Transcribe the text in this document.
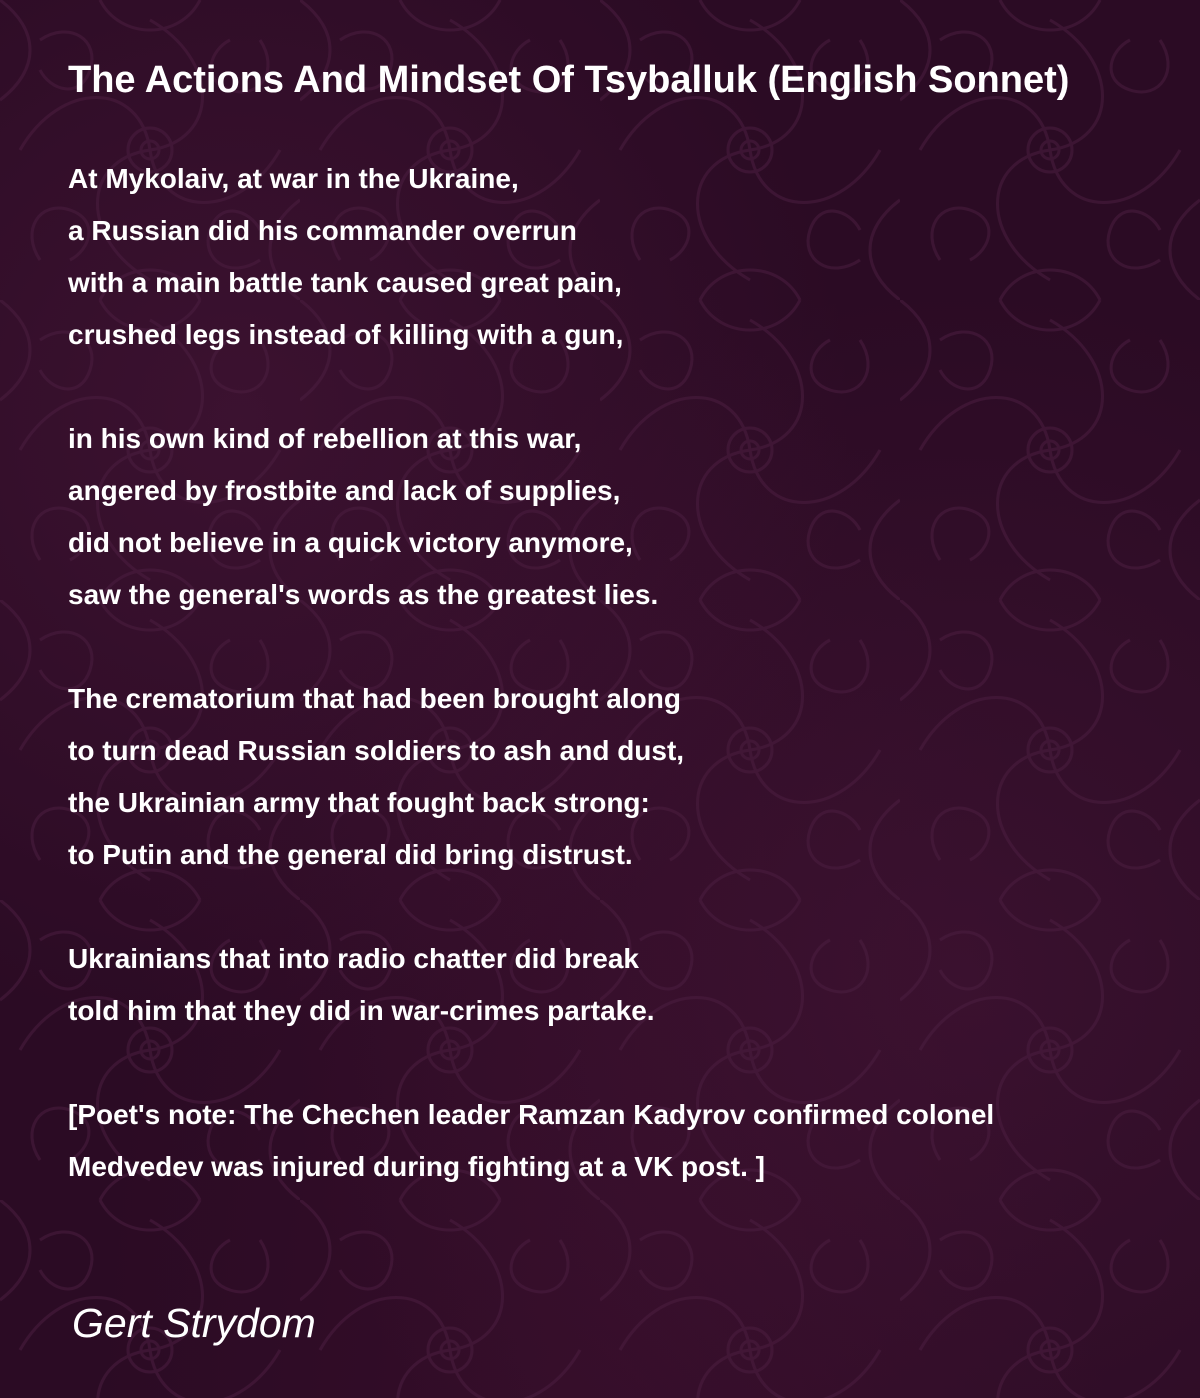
The Actions And Mindset Of Tsyballuk (English Sonnet)
At Mykolaiv, at war in the Ukraine,
a Russian did his commander overrun
with a main battle tank caused great pain,
crushed legs instead of killing with a gun,
in his own kind of rebellion at this war,
angered by frostbite and lack of supplies,
did not believe in a quick victory anymore,
saw the general's words as the greatest lies.
The crematorium that had been brought along
to turn dead Russian soldiers to ash and dust,
the Ukrainian army that fought back strong:
to Putin and the general did bring distrust.
Ukrainians that into radio chatter did break
told him that they did in war-crimes partake.
[Poet's note: The Chechen leader Ramzan Kadyrov confirmed colonel
Medvedev was injured during fighting at a VK post. ]
Gert Strydom
